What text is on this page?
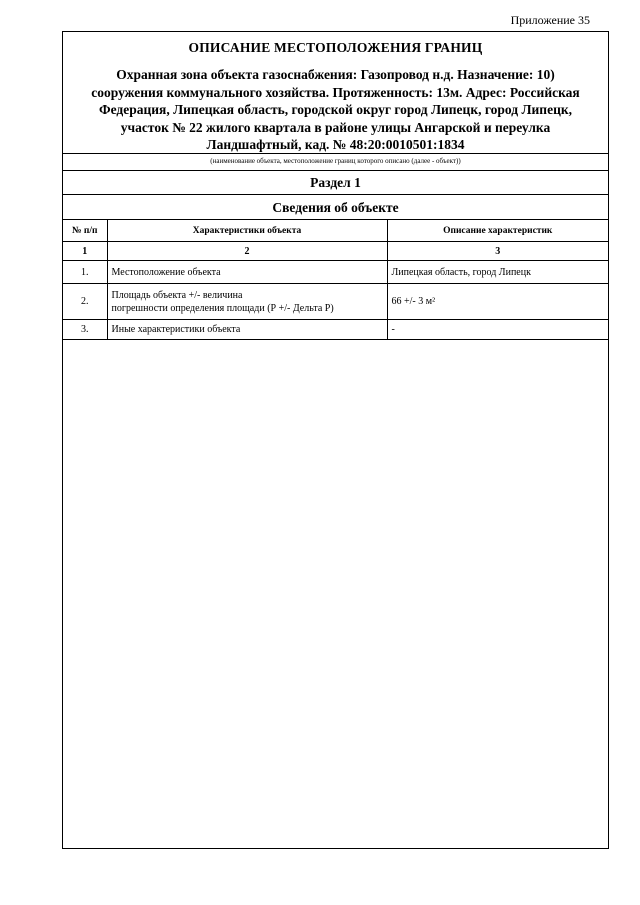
Приложение 35
ОПИСАНИЕ МЕСТОПОЛОЖЕНИЯ ГРАНИЦ
Охранная зона объекта газоснабжения: Газопровод н.д. Назначение: 10)
сооружения коммунального хозяйства. Протяженность: 13м. Адрес: Российская
Федерация, Липецкая область, городской округ город Липецк, город Липецк,
участок № 22 жилого квартала в районе улицы Ангарской и переулка
Ландшафтный, кад. № 48:20:0010501:1834
(наименование объекта, местоположение границ которого описано (далее - объект))
Раздел 1
Сведения об объекте
№ п/п	Характеристики объекта	Описание характеристик
1	2	3
1.	Местоположение объекта	Липецкая область, город Липецк
2.	Площадь объекта +/- величина
погрешности определения площади (Р +/- Дельта Р)	66 +/- 3 м²
3.	Иные характеристики объекта	-
